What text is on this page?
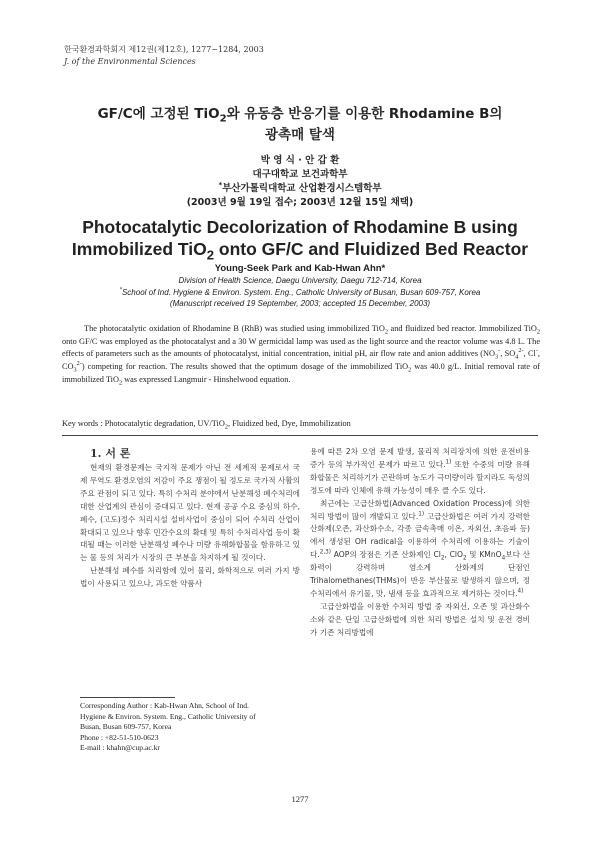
한국환경과학회지 제12권(제12호), 1277~1284, 2003
J. of the Environmental Sciences
GF/C에 고정된 TiO$_2$와 유동층 반응기를 이용한 Rhodamine B의
광촉매 탈색
박 영 식 · 안 갑 환
대구대학교 보건과학부
*부산가톨릭대학교 산업환경시스템학부
(2003년 9월 19일 접수; 2003년 12월 15일 채택)
Photocatalytic Decolorization of Rhodamine B using
Immobilized TiO$_2$ onto GF/C and Fluidized Bed Reactor
Young-Seek Park and Kab-Hwan Ahn*
Division of Health Science, Daegu University, Daegu 712-714, Korea
*School of Ind. Hygiene & Environ. System. Eng., Catholic University of Busan, Busan 609-757, Korea
(Manuscript received 19 September, 2003; accepted 15 December, 2003)

The photocatalytic oxidation of Rhodamine B (RhB) was studied using immobilized TiO$_2$ and fluidized bed reactor. Immobilized TiO$_2$ onto GF/C was employed as the photocatalyst and a 30 W germicidal lamp was used as the light source and the reactor volume was 4.8 L. The effects of parameters such as the amounts of photocatalyst, initial concentration, initial pH, air flow rate and anion additives ($NO_3^-$, $SO_4^{2-}$, Cl-, $CO_3^{2-}$) competing for reaction. The results showed that the optimum dosage of the immobilized TiO$_2$ was 40.0 g/L. Initial removal rate of immobilized TiO$_2$ was expressed Langmuir - Hinshelwood equation.

Key words : Photocatalytic degradation, UV/TiO$_2$, Fluidized bed, Dye, Immobilization

1. 서 론

현재의 환경문제는 국지적 문제가 아닌 전 세계적 문제로서 국제 무역도 환경오염의 저감이 주요 쟁점이 될 정도로 국가적 사활의 주요 관점이 되고 있다. 특히 수처리 분야에서 난분해성 폐수처리에 대한 산업계의 관심이 증대되고 있다. 현재 공공 수요 중심의 하수, 폐수, (고도)정수 처리시설 설비사업이 중심이 되어 수처리 산업이 확대되고 있으나 향후 민간수요의 확대 및 특히 수처리사업 등이 확대될 때는 이러한 난분해성 폐수나 미량 유해화합물을 함유하고 있는 물 등의 처리가 시장의 큰 부분을 차지하게 될 것이다.

난분해성 폐수를 처리함에 있어 물리, 화학적으로 여러 가지 방법이 사용되고 있으나, 과도한 약품사

용에 따른 2차 오염 문제 발생, 물리적 처리장치에 의한 운전비용 증가 등의 부가적인 문제가 따르고 있다.$^{1)}$ 또한 수중의 미량 유해화합물은 처리하기가 곤란하며 농도가 극미량이라 할지라도 독성의 정도에 따라 인체에 유해 가능성이 매우 클 수도 있다.

최근에는 고급산화법(Advanced Oxidation Process)에 의한 처리 방법이 많이 개발되고 있다.$^{1)}$ 고급산화법은 여러 가지 강력한 산화제(오존, 과산화수소, 각종 금속촉매 이온, 자외선, 초음파 등)에서 생성된 OH radical을 이용하여 수처리에 이용하는 기술이다.$^{2,3)}$ AOP의 장점은 기존 산화제인 $Cl_2$, ClO$_2$ 및 KMnO$_4$보다 산화력이 강력하며 염소계 산화제의 단점인 Trihalomethanes(THMs)이 반응 부산물로 발생하지 않으며, 정수처리에서 유기물, 맛, 냄새 등을 효과적으로 제거하는 것이다.$^{4)}$

고급산화법을 이용한 수처리 방법 중 자외선, 오존 및 과산화수소와 같은 단일 고급산화법에 의한 처리 방법은 설치 및 운전 경비가 기존 처리방법에

Corresponding Author : Kab-Hwan Ahn, School of Ind.
Hygiene & Environ. System. Eng., Catholic University of
Busan, Busan 609-757, Korea
Phone : +82-51-510-0623
E-mail : khahn@cup.ac.kr
1277
